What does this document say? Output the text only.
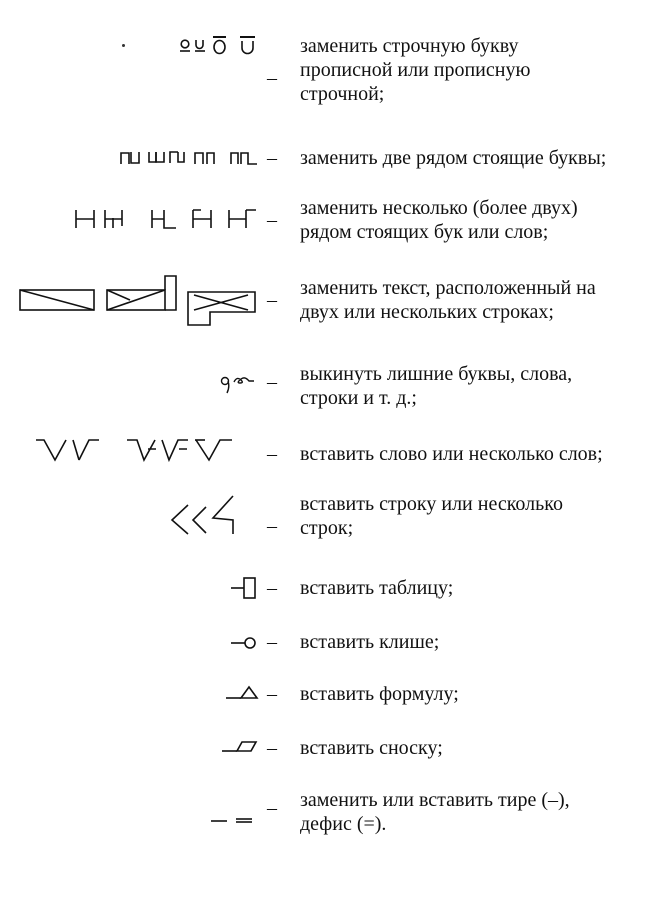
–
заменить строчную букву
прописной или прописную
строчной;
– заменить две рядом стоящие буквы;
–
заменить несколько (более двух)
рядом стоящих бук или слов;
–
заменить текст, расположенный на
двух или нескольких строках;
– выкинуть лишние буквы, слова,
строки и т. д.;
– вставить слово или несколько слов;
–
вставить строку или несколько
строк;
– вставить таблицу;
– вставить клише;
– вставить формулу;
– вставить сноску;
– заменить или вставить тире (–),
дефис (=).
